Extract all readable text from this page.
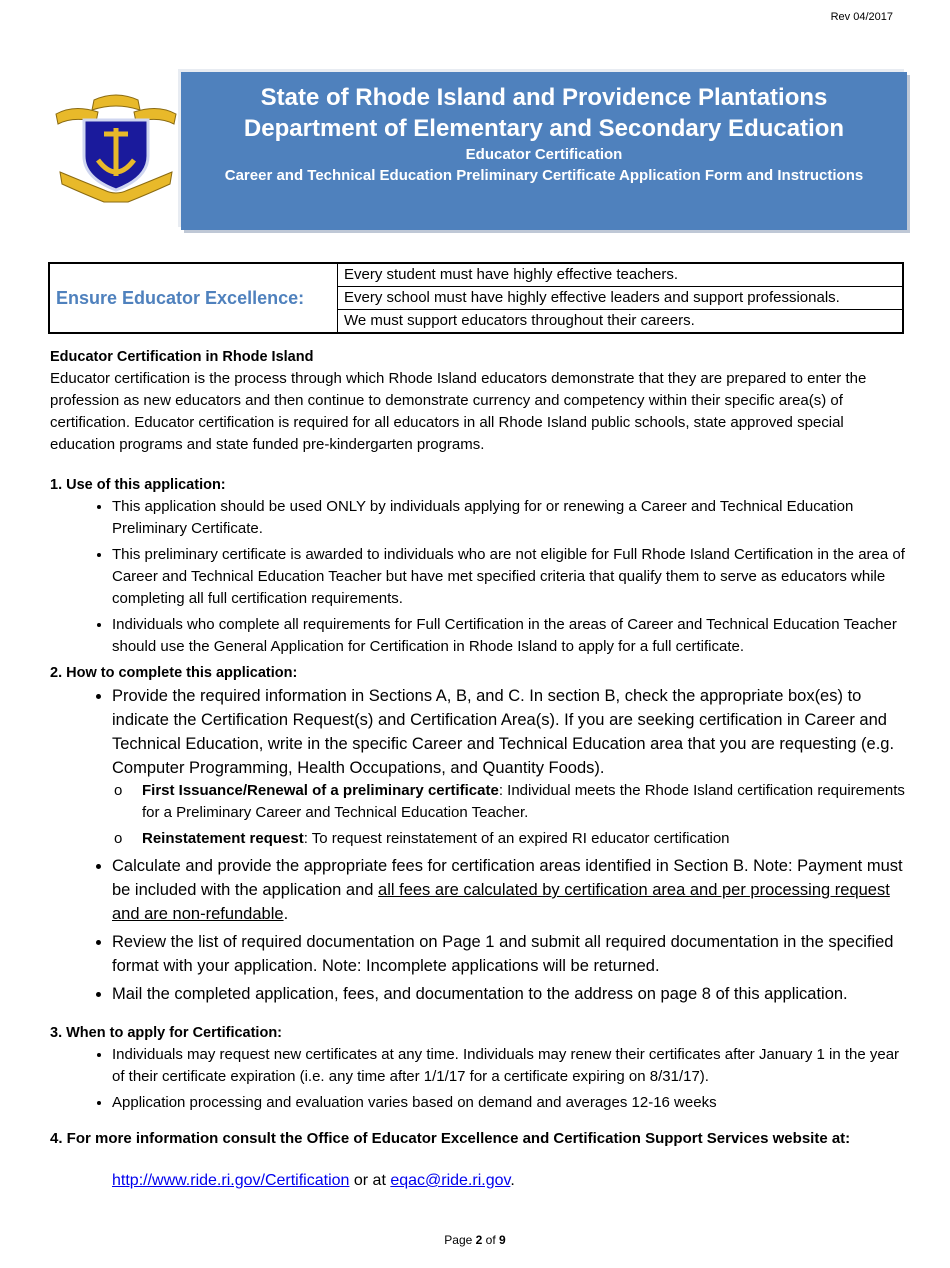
Rev 04/2017
State of Rhode Island and Providence Plantations
Department of Elementary and Secondary Education
Educator Certification
Career and Technical Education Preliminary Certificate Application Form and Instructions
Ensure Educator Excellence:	Every student must have highly effective teachers.
Every school must have highly effective leaders and support professionals.
We must support educators throughout their careers.

Educator Certification in Rhode Island

Educator certification is the process through which Rhode Island educators demonstrate that they are prepared to enter the profession as new educators and then continue to demonstrate currency and competency within their specific area(s) of certification. Educator certification is required for all educators in all Rhode Island public schools, state approved special education programs and state funded pre-kindergarten programs.

1. Use of this application:

• This application should be used ONLY by individuals applying for or renewing a Career and Technical Education Preliminary Certificate.
• This preliminary certificate is awarded to individuals who are not eligible for Full Rhode Island Certification in the area of Career and Technical Education Teacher but have met specified criteria that qualify them to serve as educators while completing all full certification requirements.
• Individuals who complete all requirements for Full Certification in the areas of Career and Technical Education Teacher should use the General Application for Certification in Rhode Island to apply for a full certificate.

2. How to complete this application:

• Provide the required information in Sections A, B, and C. In section B, check the appropriate box(es) to indicate the Certification Request(s) and Certification Area(s). If you are seeking certification in Career and Technical Education, write in the specific Career and Technical Education area that you are requesting (e.g. Computer Programming, Health Occupations, and Quantity Foods).
o First Issuance/Renewal of a preliminary certificate: Individual meets the Rhode Island certification requirements for a Preliminary Career and Technical Education Teacher.
o Reinstatement request: To request reinstatement of an expired RI educator certification
• Calculate and provide the appropriate fees for certification areas identified in Section B. Note: Payment must be included with the application and all fees are calculated by certification area and per processing request and are non-refundable.
• Review the list of required documentation on Page 1 and submit all required documentation in the specified format with your application. Note: Incomplete applications will be returned.
• Mail the completed application, fees, and documentation to the address on page 8 of this application.

3. When to apply for Certification:

• Individuals may request new certificates at any time. Individuals may renew their certificates after January 1 in the year of their certificate expiration (i.e. any time after 1/1/17 for a certificate expiring on 8/31/17).
• Application processing and evaluation varies based on demand and averages 12-16 weeks

4. For more information consult the Office of Educator Excellence and Certification Support Services website at:

http://www.ride.ri.gov/Certification or at eqac@ride.ri.gov.

Page 2 of 9
